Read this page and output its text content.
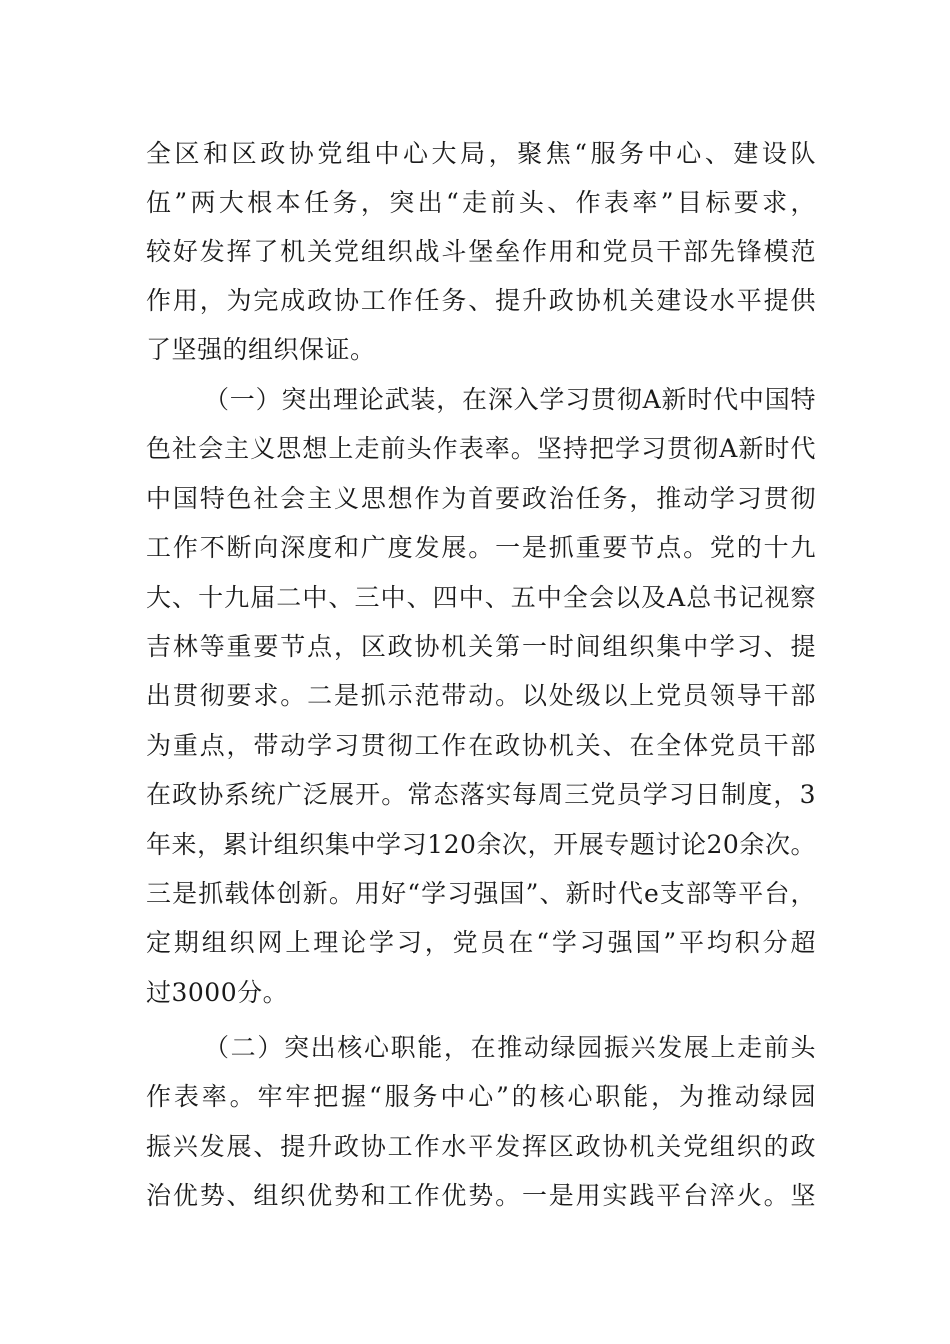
全区和区政协党组中心大局，聚焦“服务中心、建设队
伍”两大根本任务，突出“走前头、作表率”目标要求，
较好发挥了机关党组织战斗堡垒作用和党员干部先锋模范
作用，为完成政协工作任务、提升政协机关建设水平提供
了坚强的组织保证。
（一）突出理论武装，在深入学习贯彻A新时代中国特
色社会主义思想上走前头作表率。坚持把学习贯彻A新时代
中国特色社会主义思想作为首要政治任务，推动学习贯彻
工作不断向深度和广度发展。一是抓重要节点。党的十九
大、十九届二中、三中、四中、五中全会以及A总书记视察
吉林等重要节点，区政协机关第一时间组织集中学习、提
出贯彻要求。二是抓示范带动。以处级以上党员领导干部
为重点，带动学习贯彻工作在政协机关、在全体党员干部
在政协系统广泛展开。常态落实每周三党员学习日制度，3
年来，累计组织集中学习120余次，开展专题讨论20余次。
三是抓载体创新。用好“学习强国”、新时代e支部等平台，
定期组织网上理论学习，党员在“学习强国”平均积分超
过3000分。
（二）突出核心职能，在推动绿园振兴发展上走前头
作表率。牢牢把握“服务中心”的核心职能，为推动绿园
振兴发展、提升政协工作水平发挥区政协机关党组织的政
治优势、组织优势和工作优势。一是用实践平台淬火。坚
